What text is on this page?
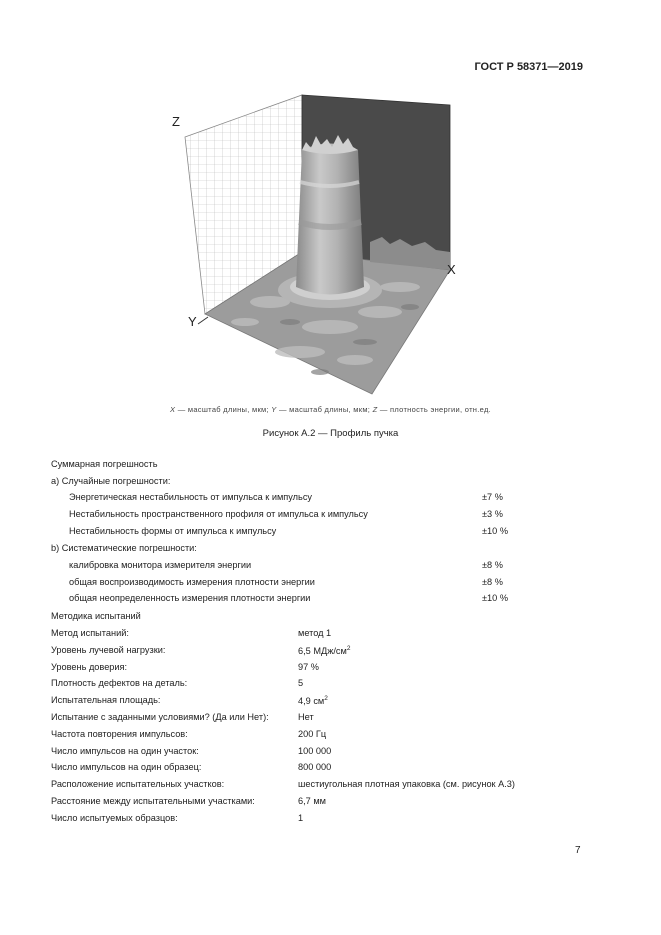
ГОСТ Р 58371—2019
Z
X
Y
X — масштаб длины, мкм; Y — масштаб длины, мкм; Z — плотность энергии, отн.ед.
Рисунок А.2 — Профиль пучка
Суммарная погрешность
а) Случайные погрешности:
Энергетическая нестабильность от импульса к импульсу	±7 %
Нестабильность пространственного профиля от импульса к импульсу	±3 %
Нестабильность формы от импульса к импульсу	±10 %
b) Систематические погрешности:
калибровка монитора измерителя энергии	±8 %
общая воспроизводимость измерения плотности энергии	±8 %
общая неопределенность измерения плотности энергии	±10 %
Методика испытаний
Метод испытаний:	метод 1
Уровень лучевой нагрузки:	6,5 МДж/$см^2$
Уровень доверия:	97 %
Плотность дефектов на деталь:	5
Испытательная площадь:	4,9 $см^2$
Испытание с заданными условиями? (Да или Нет):	Нет
Частота повторения импульсов:	200 Гц
Число импульсов на один участок:	100 000
Число импульсов на один образец:	800 000
Расположение испытательных участков:	шестиугольная плотная упаковка (см. рисунок А.3)
Расстояние между испытательными участками:	6,7 мм
Число испытуемых образцов:	1
7
